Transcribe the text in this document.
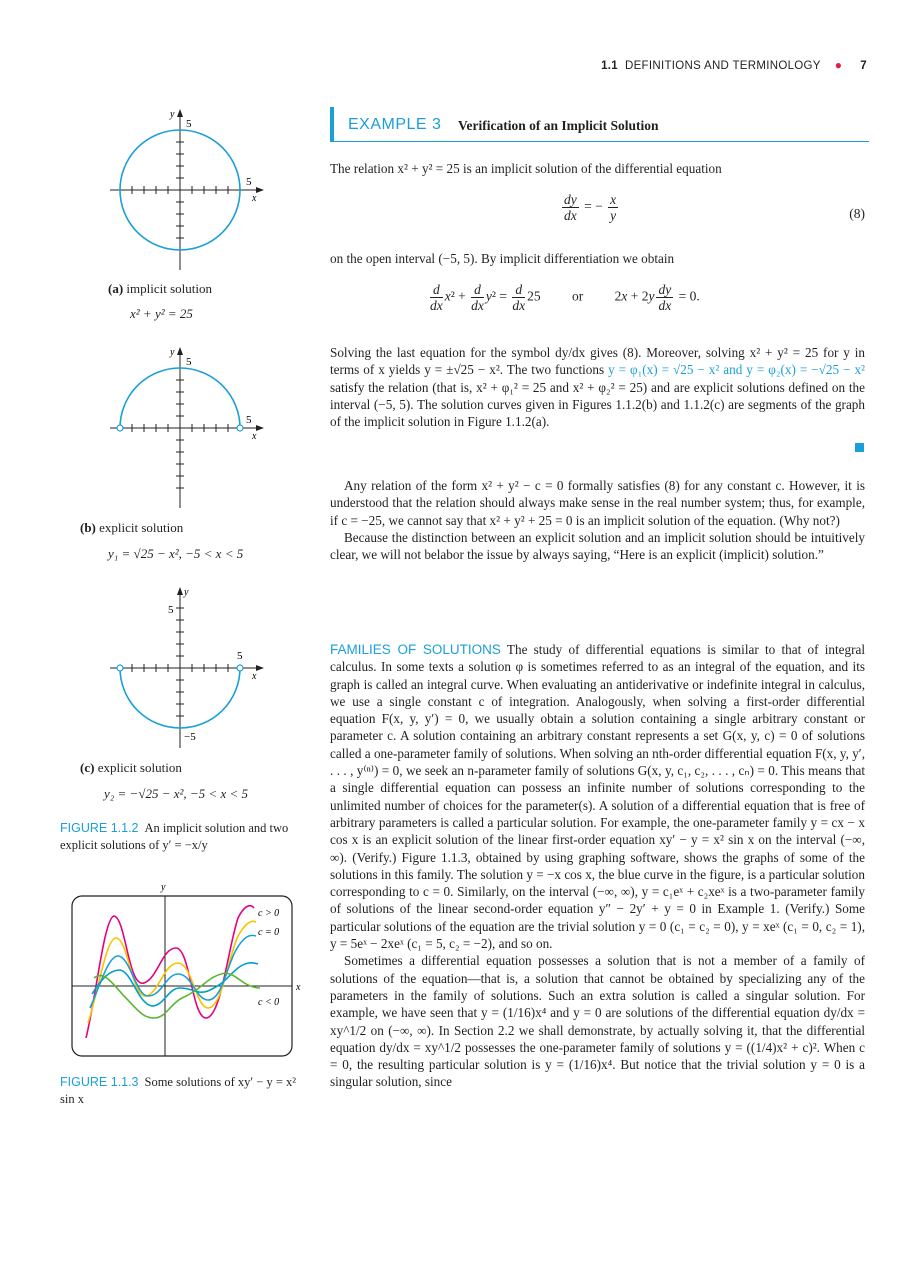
1.1 DEFINITIONS AND TERMINOLOGY ● 7
y
5
5
x
(a) implicit solution
x² + y² = 25
y
5
5
x
(b) explicit solution
y₁ = √25 − x², −5 < x < 5
y
5
5
x
−5
(c) explicit solution
y₂ = −√25 − x², −5 < x < 5
FIGURE 1.1.2 An implicit solution and two explicit solutions of y′ = −x/y
y
x
c > 0
c = 0
c < 0
FIGURE 1.1.3 Some solutions of xy′ − y = x² sin x
EXAMPLE 3 Verification of an Implicit Solution

The relation x² + y² = 25 is an implicit solution of the differential equation

$\frac{dy}{dx}$ = − $\frac{x}{y}$	(8)

on the open interval (−5, 5). By implicit differentiation we obtain

$\frac{d}{dx} x^2 + \frac{d}{dx} y^2 = \frac{d}{dx} 25$ or $2x + 2y \frac{dy}{dx} = 0$.

Solving the last equation for the symbol dy/dx gives (8). Moreover, solving x² + y² = 25 for y in terms of x yields y = ±√25 − x². The two functions y = φ₁(x) = √25 − x² and y = φ₂(x) = −√25 − x² satisfy the relation (that is, x² + φ₁² = 25 and x² + φ₂² = 25) and are explicit solutions defined on the interval (−5, 5). The solution curves given in Figures 1.1.2(b) and 1.1.2(c) are segments of the graph of the implicit solution in Figure 1.1.2(a).

Any relation of the form x² + y² − c = 0 formally satisfies (8) for any constant c. However, it is understood that the relation should always make sense in the real number system; thus, for example, if c = −25, we cannot say that x² + y² + 25 = 0 is an implicit solution of the equation. (Why not?)

Because the distinction between an explicit solution and an implicit solution should be intuitively clear, we will not belabor the issue by always saying, “Here is an explicit (implicit) solution.”

FAMILIES OF SOLUTIONS The study of differential equations is similar to that of integral calculus. In some texts a solution φ is sometimes referred to as an integral of the equation, and its graph is called an integral curve. When evaluating an antiderivative or indefinite integral in calculus, we use a single constant c of integration. Analogously, when solving a first-order differential equation F(x, y, y′) = 0, we usually obtain a solution containing a single arbitrary constant or parameter c. A solution containing an arbitrary constant represents a set G(x, y, c) = 0 of solutions called a one-parameter family of solutions. When solving an nth-order differential equation F(x, y, y′, . . . , y⁽ⁿ⁾) = 0, we seek an n-parameter family of solutions G(x, y, c₁, c₂, . . . , cₙ) = 0. This means that a single differential equation can possess an infinite number of solutions corresponding to the unlimited number of choices for the parameter(s). A solution of a differential equation that is free of arbitrary parameters is called a particular solution. For example, the one-parameter family y = cx − x cos x is an explicit solution of the linear first-order equation xy′ − y = x² sin x on the interval (−∞, ∞). (Verify.) Figure 1.1.3, obtained by using graphing software, shows the graphs of some of the solutions in this family. The solution y = −x cos x, the blue curve in the figure, is a particular solution corresponding to c = 0. Similarly, on the interval (−∞, ∞), y = c₁eˣ + c₂xeˣ is a two-parameter family of solutions of the linear second-order equation y″ − 2y′ + y = 0 in Example 1. (Verify.) Some particular solutions of the equation are the trivial solution y = 0 (c₁ = c₂ = 0), y = xeˣ (c₁ = 0, c₂ = 1), y = 5eˣ − 2xeˣ (c₁ = 5, c₂ = −2), and so on.

Sometimes a differential equation possesses a solution that is not a member of a family of solutions of the equation—that is, a solution that cannot be obtained by specializing any of the parameters in the family of solutions. Such an extra solution is called a singular solution. For example, we have seen that y = (1/16)x⁴ and y = 0 are solutions of the differential equation dy/dx = xy^1/2 on (−∞, ∞). In Section 2.2 we shall demonstrate, by actually solving it, that the differential equation dy/dx = xy^1/2 possesses the one-parameter family of solutions y = ((1/4)x² + c)². When c = 0, the resulting particular solution is y = (1/16)x⁴. But notice that the trivial solution y = 0 is a singular solution, since
